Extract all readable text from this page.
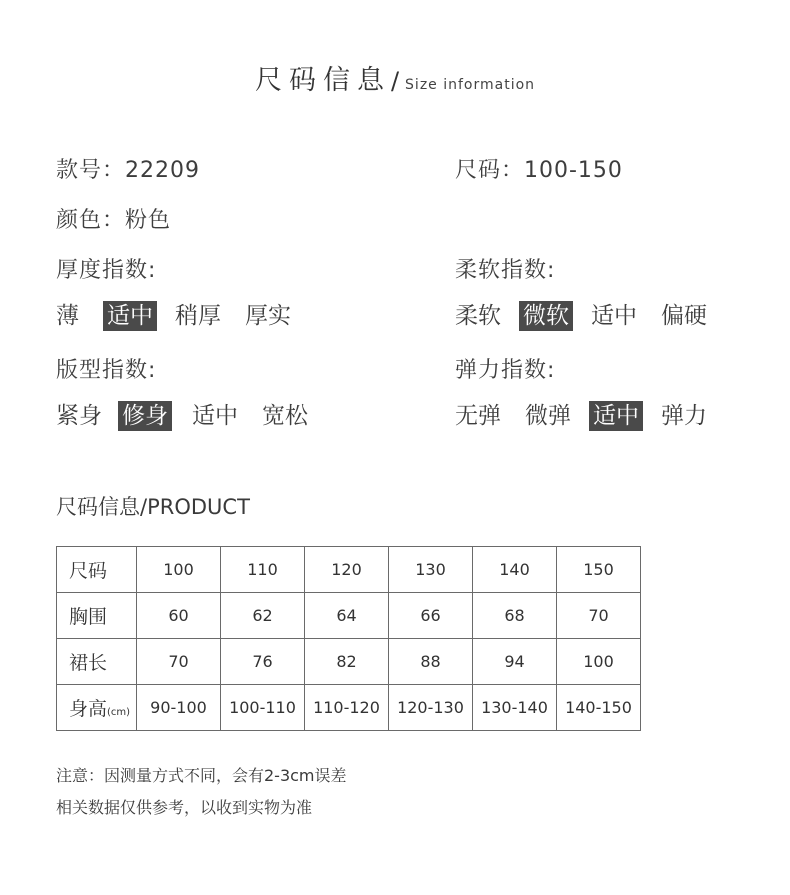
尺码信息/ Size information
款号：22209	尺码：100-150
颜色：粉色
厚度指数:
薄 适中 稍厚 厚实
柔软指数:
柔软 微软 适中 偏硬
版型指数:
紧身 修身 适中 宽松
弹力指数:
无弹 微弹 适中 弹力
尺码信息/PRODUCT
尺码	100	110	120	130	140	150
胸围	60	62	64	66	68	70
裙长	70	76	82	88	94	100
身高(cm)	90-100	100-110	110-120	120-130	130-140	140-150
注意：因测量方式不同，会有2-3cm误差
相关数据仅供参考，以收到实物为准
